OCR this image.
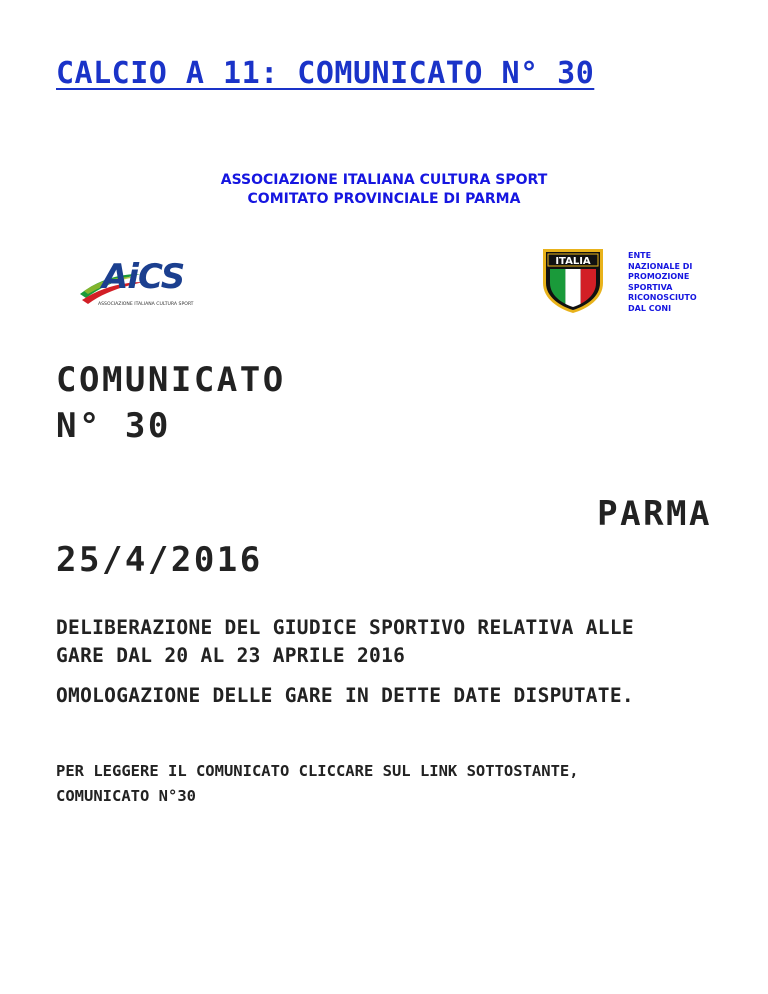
CALCIO A 11: COMUNICATO N° 30
ASSOCIAZIONE ITALIANA CULTURA SPORT
COMITATO PROVINCIALE DI PARMA
AiCS
ASSOCIAZIONE ITALIANA CULTURA SPORT
ITALIA
ENTE
NAZIONALE DI
PROMOZIONE
SPORTIVA
RICONOSCIUTO
DAL CONI
COMUNICATO
N° 30
PARMA
25/4/2016

DELIBERAZIONE DEL GIUDICE SPORTIVO RELATIVA ALLE

GARE DAL 20 AL 23 APRILE 2016

OMOLOGAZIONE DELLE GARE IN DETTE DATE DISPUTATE.

PER LEGGERE IL COMUNICATO CLICCARE SUL LINK SOTTOSTANTE,

COMUNICATO N°30
